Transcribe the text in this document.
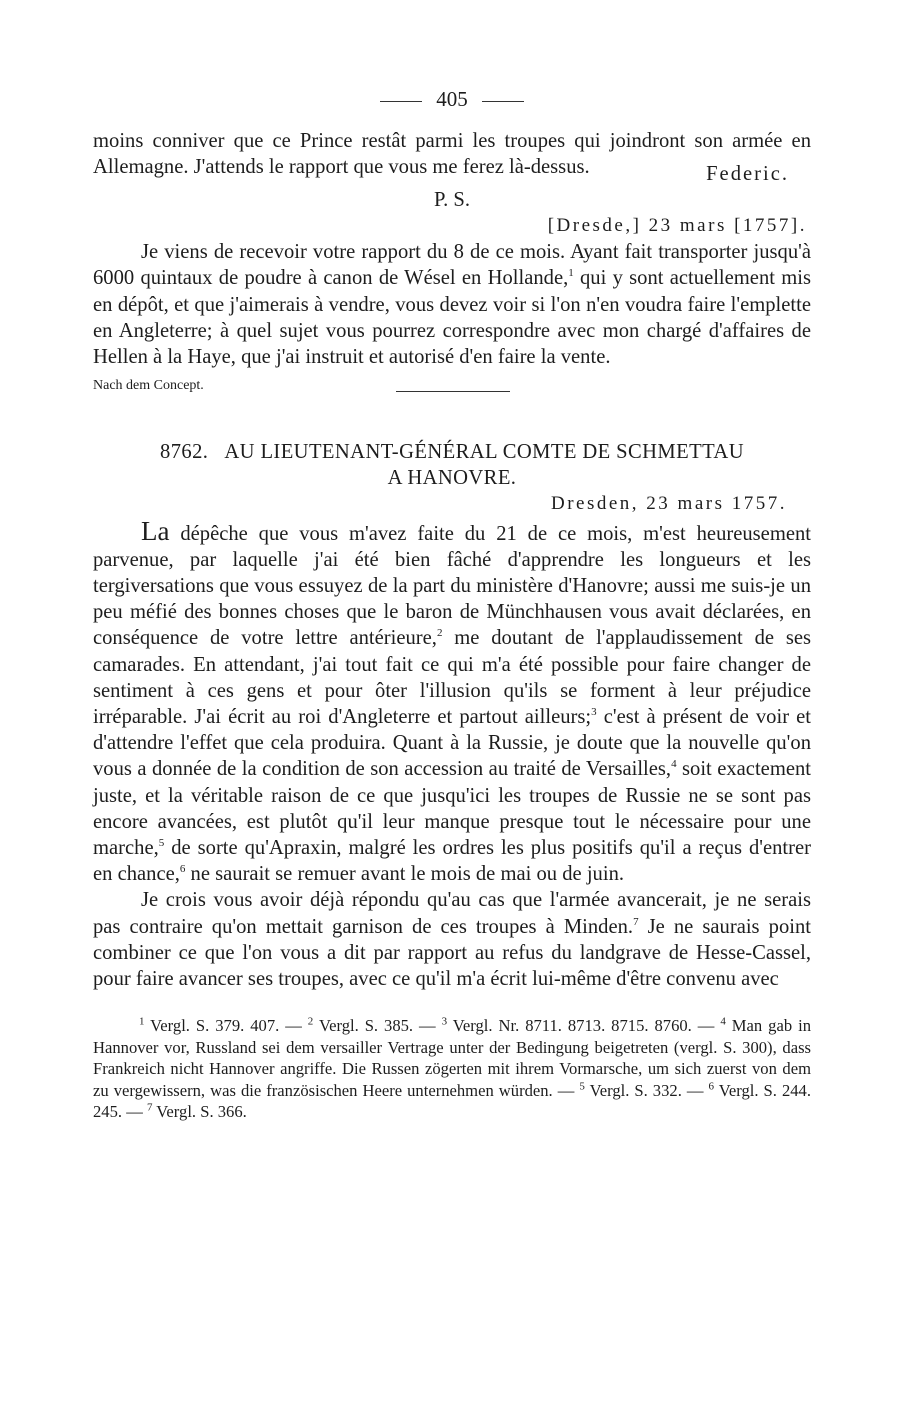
405

moins conniver que ce Prince restât parmi les troupes qui joindront son armée en Allemagne. J'attends le rapport que vous me ferez là-dessus.	Federic.

P. S.

[Dresde,] 23 mars [1757].

Je viens de recevoir votre rapport du 8 de ce mois. Ayant fait transporter jusqu'à 6000 quintaux de poudre à canon de Wésel en Hollande,$^1$ qui y sont actuellement mis en dépôt, et que j'aimerais à vendre, vous devez voir si l'on n'en voudra faire l'emplette en Angleterre; à quel sujet vous pourrez correspondre avec mon chargé d'affaires de Hellen à la Haye, que j'ai instruit et autorisé d'en faire la vente.

Nach dem Concept.

8762. AU LIEUTENANT-GÉNÉRAL COMTE DE SCHMETTAU
A HANOVRE.

Dresden, 23 mars 1757.

La dépêche que vous m'avez faite du 21 de ce mois, m'est heureusement parvenue, par laquelle j'ai été bien fâché d'apprendre les longueurs et les tergiversations que vous essuyez de la part du ministère d'Hanovre; aussi me suis-je un peu méfié des bonnes choses que le baron de Münchhausen vous avait déclarées, en conséquence de votre lettre antérieure,$^2$ me doutant de l'applaudissement de ses camarades. En attendant, j'ai tout fait ce qui m'a été possible pour faire changer de sentiment à ces gens et pour ôter l'illusion qu'ils se forment à leur préjudice irréparable. J'ai écrit au roi d'Angleterre et partout ailleurs;$^3$ c'est à présent de voir et d'attendre l'effet que cela produira. Quant à la Russie, je doute que la nouvelle qu'on vous a donnée de la condition de son accession au traité de Versailles,$^4$ soit exactement juste, et la véritable raison de ce que jusqu'ici les troupes de Russie ne se sont pas encore avancées, est plutôt qu'il leur manque presque tout le nécessaire pour une marche,$^5$ de sorte qu'Apraxin, malgré les ordres les plus positifs qu'il a reçus d'entrer en chance,$^6$ ne saurait se remuer avant le mois de mai ou de juin.

Je crois vous avoir déjà répondu qu'au cas que l'armée avancerait, je ne serais pas contraire qu'on mettait garnison de ces troupes à Minden.$^7$ Je ne saurais point combiner ce que l'on vous a dit par rapport au refus du landgrave de Hesse-Cassel, pour faire avancer ses troupes, avec ce qu'il m'a écrit lui-même d'être convenu avec

$^1$ Vergl. S. 379. 407. — $^2$ Vergl. S. 385. — $^3$ Vergl. Nr. 8711. 8713. 8715. 8760. — $^4$ Man gab in Hannover vor, Russland sei dem versailler Vertrage unter der Bedingung beigetreten (vergl. S. 300), dass Frankreich nicht Hannover angriffe. Die Russen zögerten mit ihrem Vormarsche, um sich zuerst von dem zu vergewissern, was die französischen Heere unternehmen würden. — $^5$ Vergl. S. 332. — $^6$ Vergl. S. 244. 245. — $^7$ Vergl. S. 366.
